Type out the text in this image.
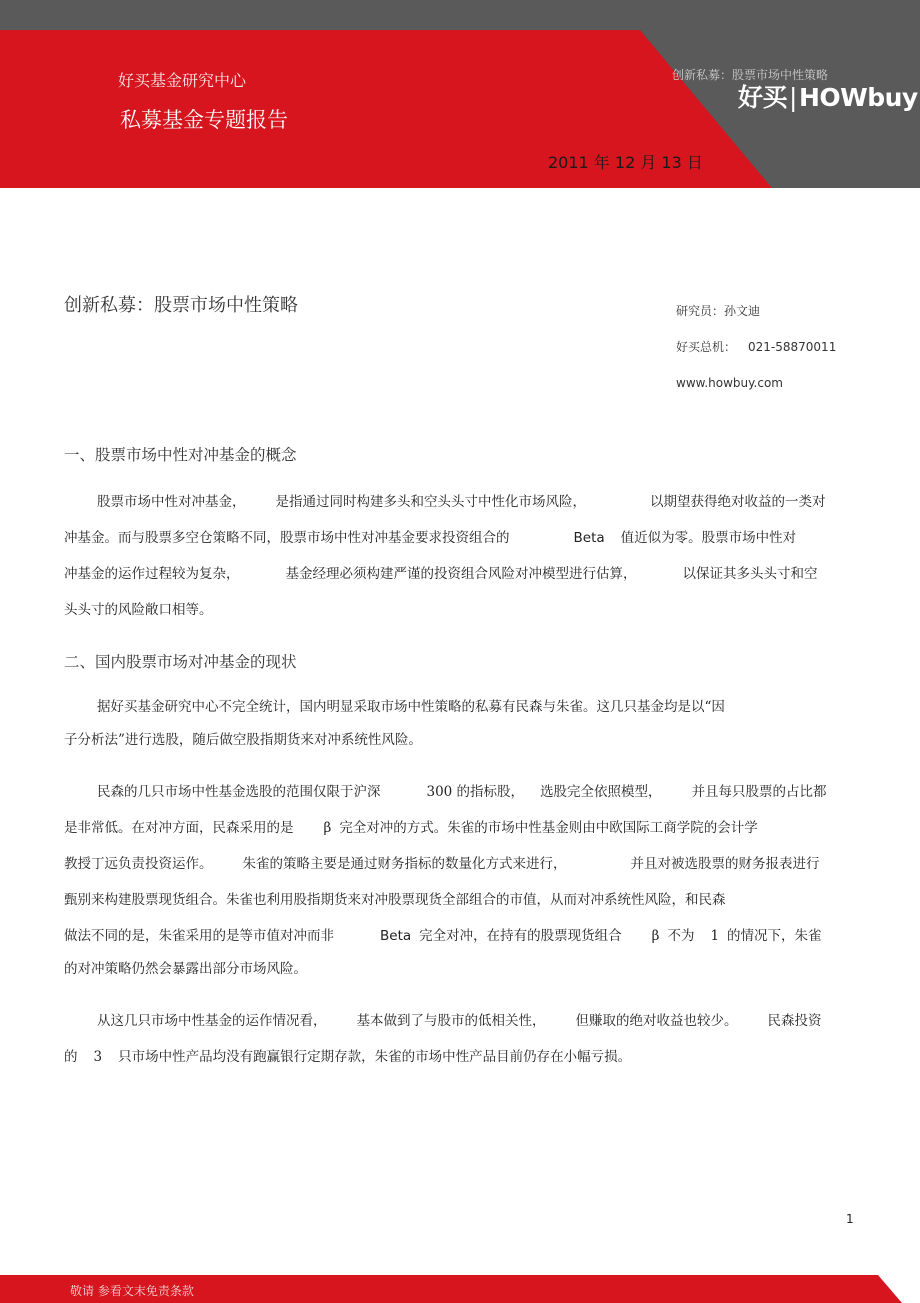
好买基金研究中心
私募基金专题报告
2011 年 12 月 13 日
创新私募：股票市场中性策略
好买|HOWbuy
创新私募：股票市场中性策略	研究员：孙文迪
好买总机： 021-58870011
www.howbuy.com
一、股票市场中性对冲基金的概念

股票市场中性对冲基金， 是指通过同时构建多头和空头头寸中性化市场风险，	以期望获得绝对收益的一类对

冲基金。而与股票多空仓策略不同，股票市场中性对冲基金要求投资组合的	Beta 值近似为零。股票市场中性对

冲基金的运作过程较为复杂，	基金经理必须构建严谨的投资组合风险对冲模型进行估算，	以保证其多头头寸和空

头头寸的风险敞口相等。

二、国内股票市场对冲基金的现状

据好买基金研究中心不完全统计，国内明显采取市场中性策略的私募有民森与朱雀。这几只基金均是以“因

子分析法”进行选股，随后做空股指期货来对冲系统性风险。

民森的几只市场中性基金选股的范围仅限于沪深	300 的指标股， 选股完全依照模型， 并且每只股票的占比都

是非常低。在对冲方面，民森采用的是 β 完全对冲的方式。朱雀的市场中性基金则由中欧国际工商学院的会计学

教授丁远负责投资运作。 朱雀的策略主要是通过财务指标的数量化方式来进行，	并且对被选股票的财务报表进行

甄别来构建股票现货组合。朱雀也利用股指期货来对冲股票现货全部组合的市值，从而对冲系统性风险，和民森

做法不同的是，朱雀采用的是等市值对冲而非	Beta 完全对冲，在持有的股票现货组合 β 不为 1 的情况下，朱雀

的对冲策略仍然会暴露出部分市场风险。

从这几只市场中性基金的运作情况看， 基本做到了与股市的低相关性， 但赚取的绝对收益也较少。 民森投资

的 3 只市场中性产品均没有跑赢银行定期存款，朱雀的市场中性产品目前仍存在小幅亏损。

1
敬请 参看文末免责条款
